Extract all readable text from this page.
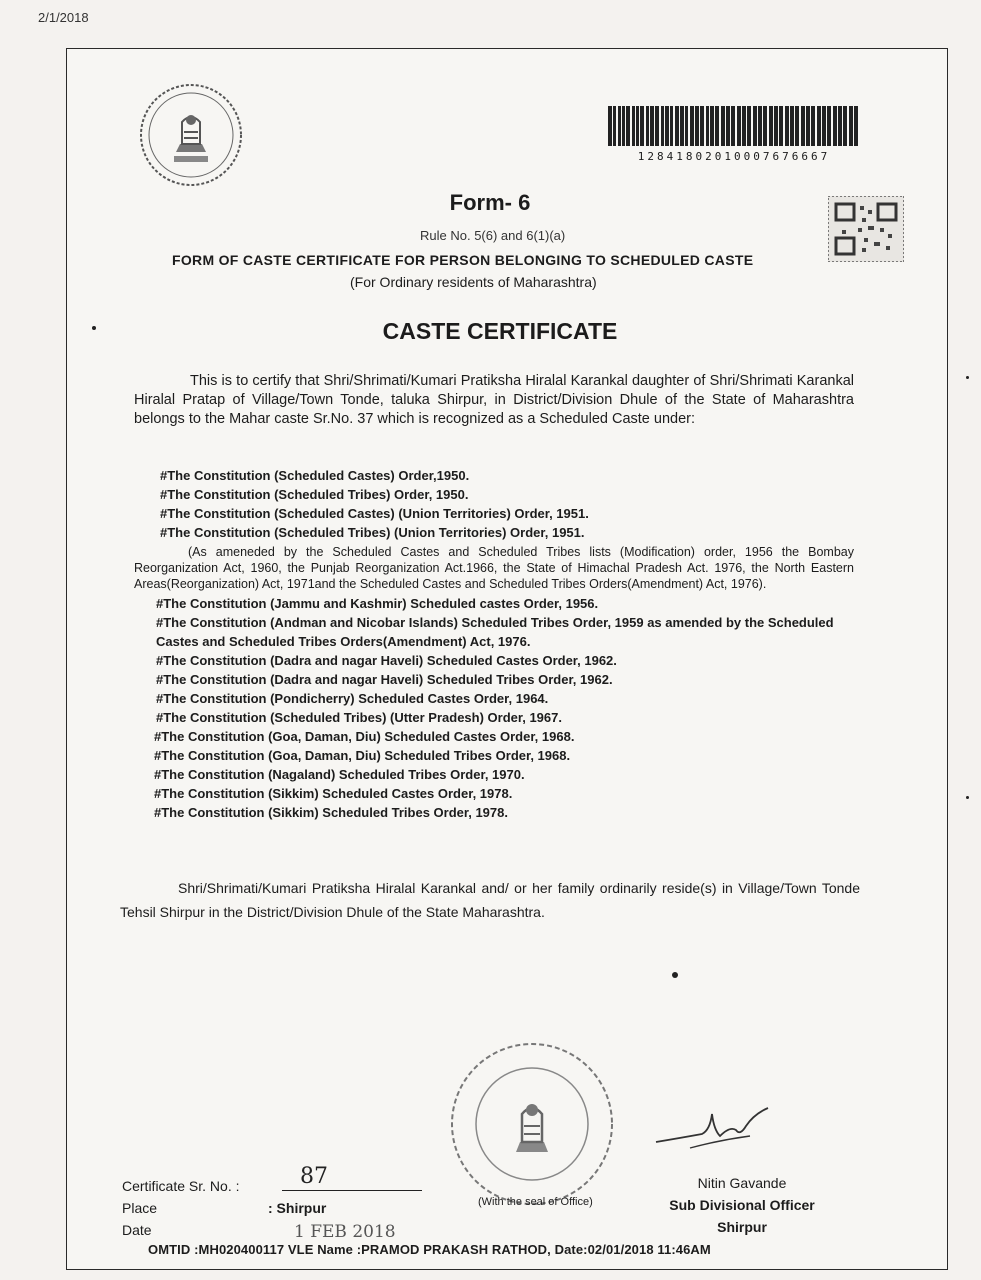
2/1/2018
12841802010007676667
Form- 6
Rule No. 5(6) and 6(1)(a)
FORM OF CASTE CERTIFICATE FOR PERSON BELONGING TO SCHEDULED CASTE
(For Ordinary residents of Maharashtra)
CASTE CERTIFICATE
This is to certify that Shri/Shrimati/Kumari Pratiksha Hiralal Karankal daughter of Shri/Shrimati Karankal Hiralal Pratap of Village/Town Tonde, taluka Shirpur, in District/Division Dhule of the State of Maharashtra belongs to the Mahar caste Sr.No. 37 which is recognized as a Scheduled Caste under:
#The Constitution (Scheduled Castes) Order,1950.
#The Constitution (Scheduled Tribes) Order, 1950.
#The Constitution (Scheduled Castes) (Union Territories) Order, 1951.
#The Constitution (Scheduled Tribes) (Union Territories) Order, 1951.
(As ameneded by the Scheduled Castes and Scheduled Tribes lists (Modification) order, 1956 the Bombay Reorganization Act, 1960, the Punjab Reorganization Act.1966, the State of Himachal Pradesh Act. 1976, the North Eastern Areas(Reorganization) Act, 1971and the Scheduled Castes and Scheduled Tribes Orders(Amendment) Act, 1976).
#The Constitution (Jammu and Kashmir) Scheduled castes Order, 1956.
#The Constitution (Andman and Nicobar Islands) Scheduled Tribes Order, 1959 as amended by the Scheduled Castes and Scheduled Tribes Orders(Amendment) Act, 1976.
#The Constitution (Dadra and nagar Haveli) Scheduled Castes Order, 1962.
#The Constitution (Dadra and nagar Haveli) Scheduled Tribes Order, 1962.
#The Constitution (Pondicherry) Scheduled Castes Order, 1964.
#The Constitution (Scheduled Tribes) (Utter Pradesh) Order, 1967.
#The Constitution (Goa, Daman, Diu) Scheduled Castes Order, 1968.
#The Constitution (Goa, Daman, Diu) Scheduled Tribes Order, 1968.
#The Constitution (Nagaland) Scheduled Tribes Order, 1970.
#The Constitution (Sikkim) Scheduled Castes Order, 1978.
#The Constitution (Sikkim) Scheduled Tribes Order, 1978.
Shri/Shrimati/Kumari Pratiksha Hiralal Karankal and/ or her family ordinarily reside(s) in Village/Town Tonde Tehsil Shirpur in the District/Division Dhule of the State Maharashtra.
(With the seal of Office)
Nitin Gavande
Sub Divisional Officer
Shirpur
Certificate Sr. No. :	87
Place	: Shirpur
Date	1 FEB 2018
OMTID :MH020400117 VLE Name :PRAMOD PRAKASH RATHOD, Date:02/01/2018 11:46AM
